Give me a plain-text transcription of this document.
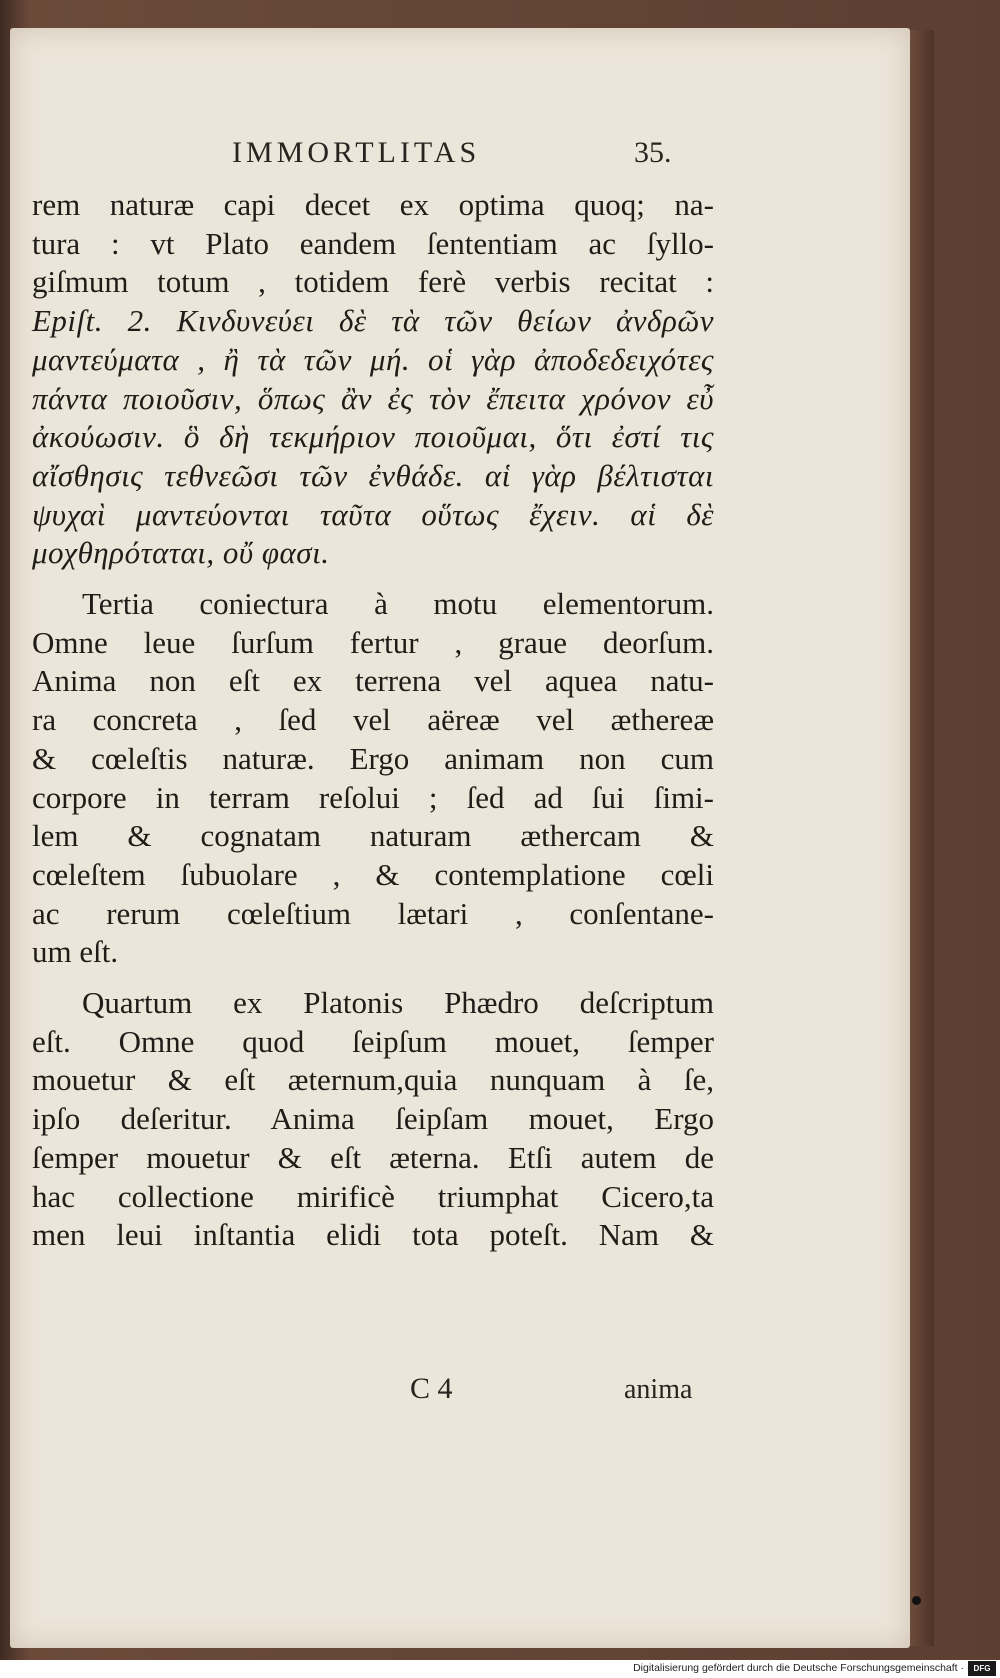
IMMORTLITAS	35.
rem naturæ capi decet ex optima quoq; na-
tura : vt Plato eandem ſententiam ac ſyllo-
giſmum totum , totidem ferè verbis recitat :
Epiſt. 2. Κινδυνεύει δὲ τὰ τῶν θείων ἀνδρῶν
μαντεύματα , ἢ τὰ τῶν μή. οἱ γὰρ ἀποδεδειχότες
πάντα ποιοῦσιν, ὅπως ἂν ἐς τὸν ἔπειτα χρόνον εὖ
ἀκούωσιν. ὃ δὴ τεκμήριον ποιοῦμαι, ὅτι ἐστί τις
αἴσθησις τεθνεῶσι τῶν ἐνθάδε. αἱ γὰρ βέλτισται
ψυχαὶ μαντεύονται ταῦτα οὕτως ἔχειν. αἱ δὲ
μοχθηρόταται, οὔ φασι.
Tertia coniectura à motu elementorum.
Omne leue ſurſum fertur , graue deorſum.
Anima non eſt ex terrena vel aquea natu-
ra concreta , ſed vel aëreæ vel æthereæ
& cœleſtis naturæ. Ergo animam non cum
corpore in terram reſolui ; ſed ad ſui ſimi-
lem & cognatam naturam æthercam &
cœleſtem ſubuolare , & contemplatione cœli
ac rerum cœleſtium lætari , conſentane-
um eſt.
Quartum ex Platonis Phædro deſcriptum
eſt. Omne quod ſeipſum mouet, ſemper
mouetur & eſt æternum,quia nunquam à ſe,
ipſo deſeritur. Anima ſeipſam mouet, Ergo
ſemper mouetur & eſt æterna. Etſi autem de
hac collectione mirificè triumphat Cicero,ta
men leui inſtantia elidi tota poteſt. Nam &
C 4	anima
Digitalisierung gefördert durch die Deutsche Forschungsgemeinschaft ·	DFG
